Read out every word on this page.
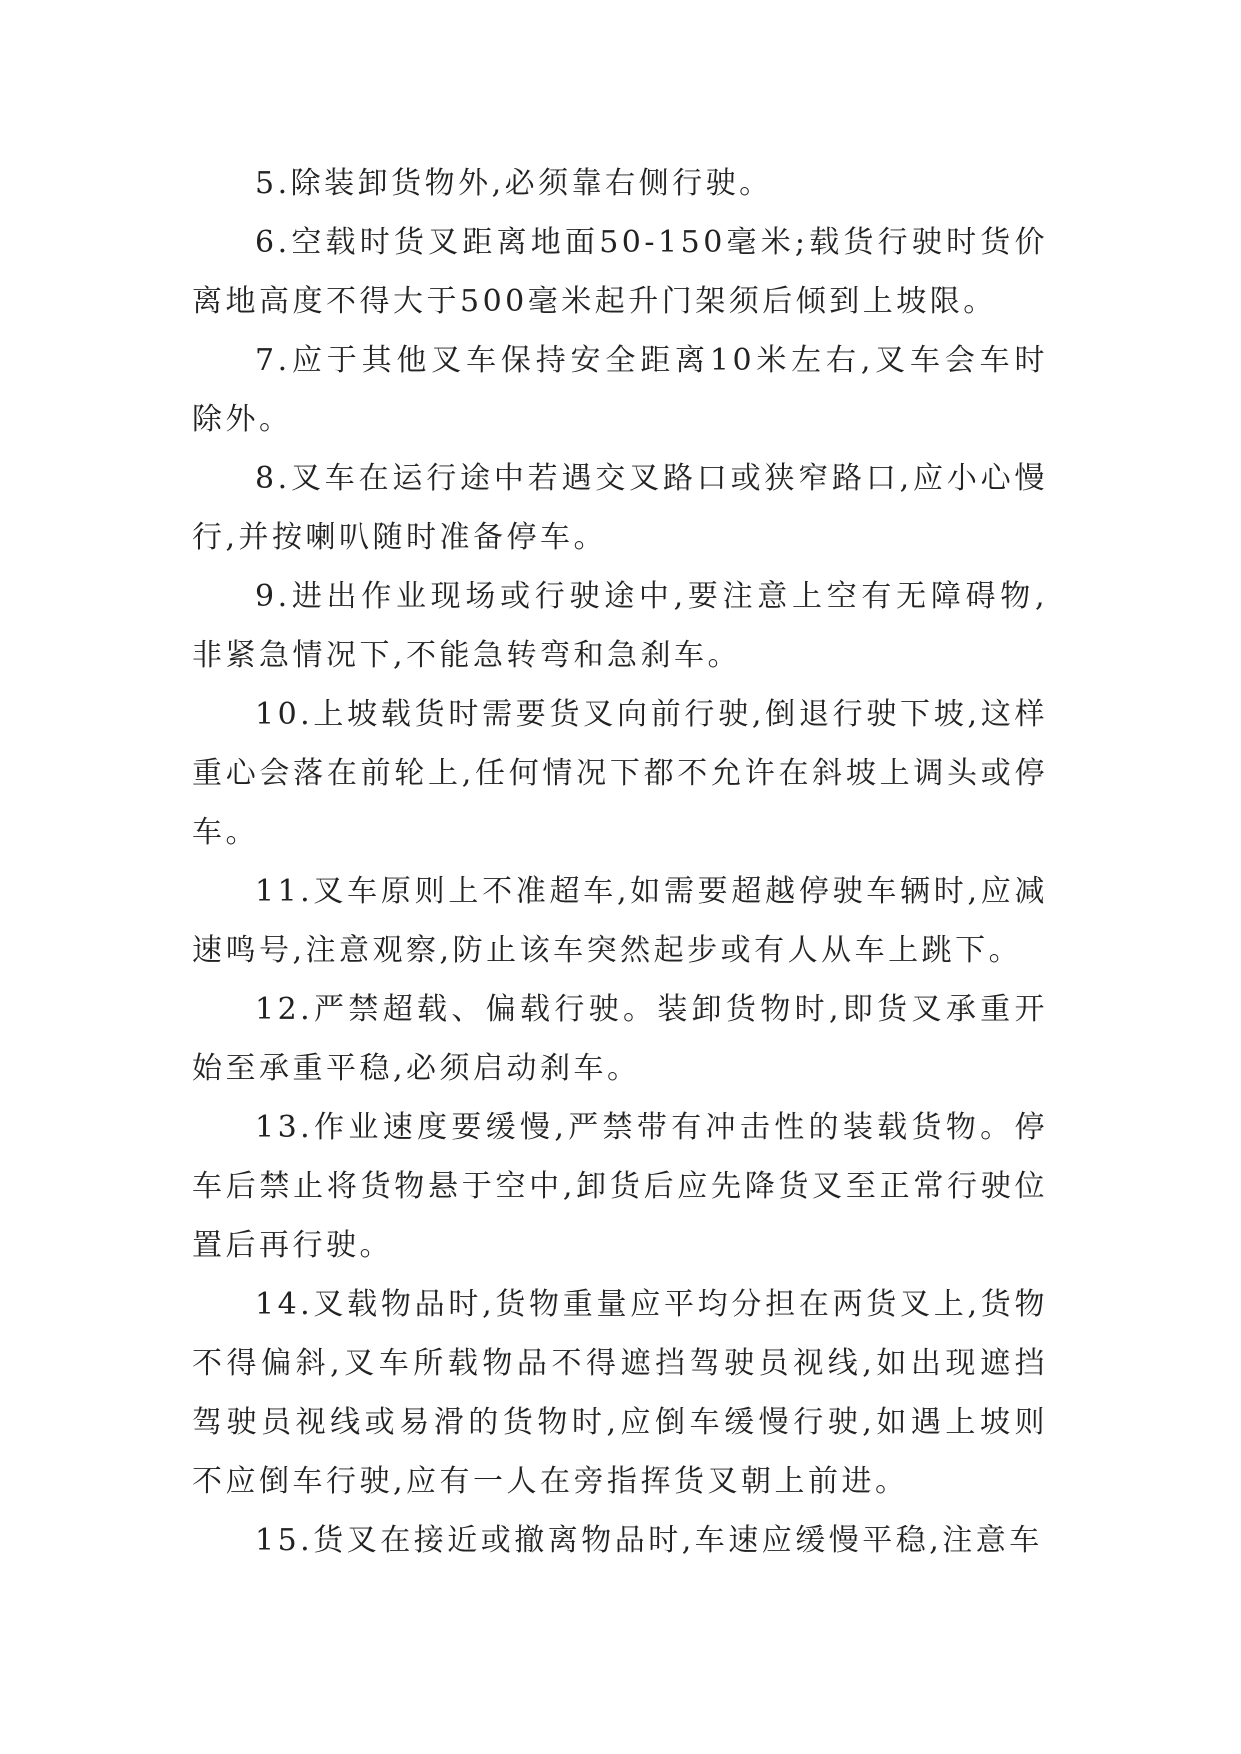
5.除装卸货物外,必须靠右侧行驶。

6.空载时货叉距离地面50-150毫米;载货行驶时货价离地高度不得大于500毫米起升门架须后倾到上坡限。

7.应于其他叉车保持安全距离10米左右,叉车会车时除外。

8.叉车在运行途中若遇交叉路口或狭窄路口,应小心慢行,并按喇叭随时准备停车。

9.进出作业现场或行驶途中,要注意上空有无障碍物,非紧急情况下,不能急转弯和急刹车。

10.上坡载货时需要货叉向前行驶,倒退行驶下坡,这样重心会落在前轮上,任何情况下都不允许在斜坡上调头或停车。

11.叉车原则上不准超车,如需要超越停驶车辆时,应减速鸣号,注意观察,防止该车突然起步或有人从车上跳下。

12.严禁超载、偏载行驶。装卸货物时,即货叉承重开始至承重平稳,必须启动刹车。

13.作业速度要缓慢,严禁带有冲击性的装载货物。停车后禁止将货物悬于空中,卸货后应先降货叉至正常行驶位置后再行驶。

14.叉载物品时,货物重量应平均分担在两货叉上,货物不得偏斜,叉车所载物品不得遮挡驾驶员视线,如出现遮挡驾驶员视线或易滑的货物时,应倒车缓慢行驶,如遇上坡则不应倒车行驶,应有一人在旁指挥货叉朝上前进。

15.货叉在接近或撤离物品时,车速应缓慢平稳,注意车
